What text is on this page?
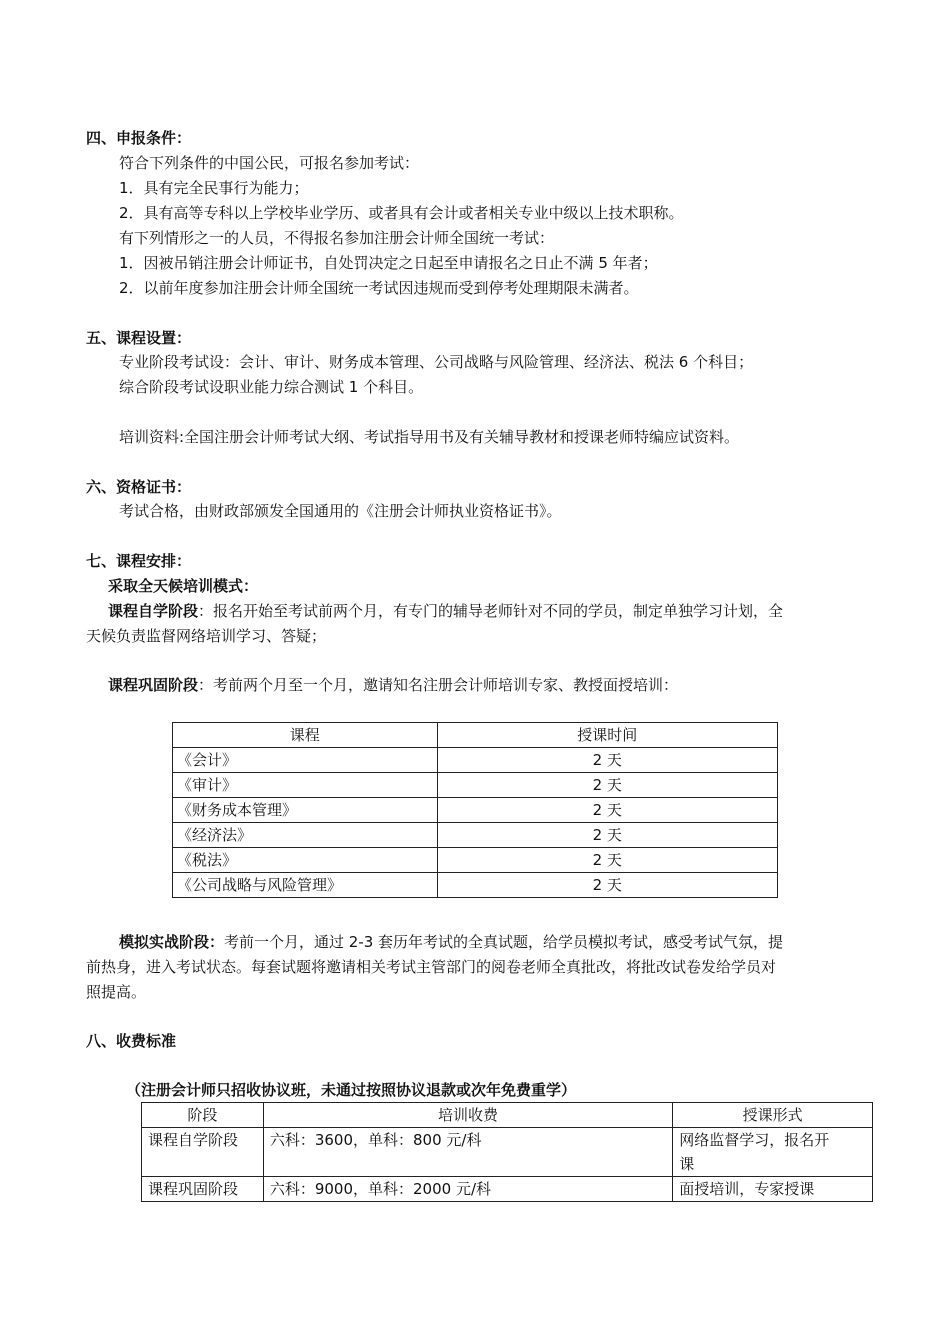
四、申报条件：
符合下列条件的中国公民，可报名参加考试：
1．具有完全民事行为能力；
2．具有高等专科以上学校毕业学历、或者具有会计或者相关专业中级以上技术职称。
有下列情形之一的人员，不得报名参加注册会计师全国统一考试：
1．因被吊销注册会计师证书，自处罚决定之日起至申请报名之日止不满 5 年者；
2．以前年度参加注册会计师全国统一考试因违规而受到停考处理期限未满者。
五、课程设置：
专业阶段考试设：会计、审计、财务成本管理、公司战略与风险管理、经济法、税法 6 个科目；
综合阶段考试设职业能力综合测试 1 个科目。
培训资料:全国注册会计师考试大纲、考试指导用书及有关辅导教材和授课老师特编应试资料。
六、资格证书：
考试合格，由财政部颁发全国通用的《注册会计师执业资格证书》。
七、课程安排：
采取全天候培训模式：
课程自学阶段：报名开始至考试前两个月，有专门的辅导老师针对不同的学员，制定单独学习计划，全
天候负责监督网络培训学习、答疑；
课程巩固阶段：考前两个月至一个月，邀请知名注册会计师培训专家、教授面授培训：
课程	授课时间
《会计》	2 天
《审计》	2 天
《财务成本管理》	2 天
《经济法》	2 天
《税法》	2 天
《公司战略与风险管理》	2 天
模拟实战阶段：考前一个月，通过 2-3 套历年考试的全真试题，给学员模拟考试，感受考试气氛，提
前热身，进入考试状态。每套试题将邀请相关考试主管部门的阅卷老师全真批改，将批改试卷发给学员对
照提高。
八、收费标准
（注册会计师只招收协议班，未通过按照协议退款或次年免费重学）
阶段	培训收费	授课形式
课程自学阶段	六科：3600，单科：800 元/科	网络监督学习，报名开
课

课程巩固阶段	六科：9000，单科：2000 元/科	面授培训，专家授课
